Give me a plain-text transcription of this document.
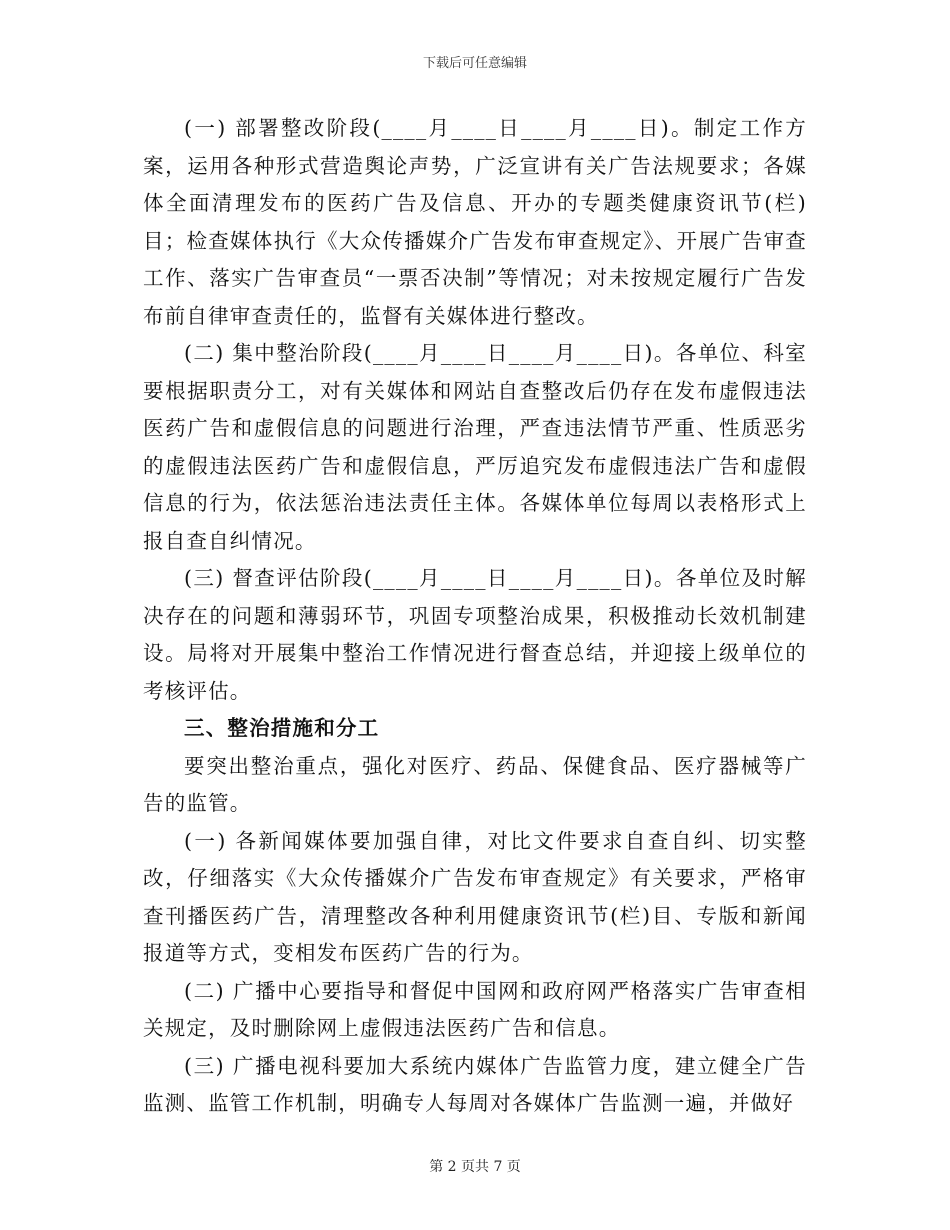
下载后可任意编辑

(一) 部署整改阶段(____月____日____月____日)。制定工作方案，运用各种形式营造舆论声势，广泛宣讲有关广告法规要求；各媒体全面清理发布的医药广告及信息、开办的专题类健康资讯节(栏)目；检查媒体执行《大众传播媒介广告发布审查规定》、开展广告审查工作、落实广告审查员“一票否决制”等情况；对未按规定履行广告发布前自律审查责任的，监督有关媒体进行整改。

(二) 集中整治阶段(____月____日____月____日)。各单位、科室要根据职责分工，对有关媒体和网站自查整改后仍存在发布虚假违法医药广告和虚假信息的问题进行治理，严查违法情节严重、性质恶劣的虚假违法医药广告和虚假信息，严厉追究发布虚假违法广告和虚假信息的行为，依法惩治违法责任主体。各媒体单位每周以表格形式上报自查自纠情况。

(三) 督查评估阶段(____月____日____月____日)。各单位及时解决存在的问题和薄弱环节，巩固专项整治成果，积极推动长效机制建设。局将对开展集中整治工作情况进行督查总结，并迎接上级单位的考核评估。

三、整治措施和分工

要突出整治重点，强化对医疗、药品、保健食品、医疗器械等广告的监管。

(一) 各新闻媒体要加强自律，对比文件要求自查自纠、切实整改，仔细落实《大众传播媒介广告发布审查规定》有关要求，严格审查刊播医药广告，清理整改各种利用健康资讯节(栏)目、专版和新闻报道等方式，变相发布医药广告的行为。

(二) 广播中心要指导和督促中国网和政府网严格落实广告审查相关规定，及时删除网上虚假违法医药广告和信息。

(三) 广播电视科要加大系统内媒体广告监管力度，建立健全广告监测、监管工作机制，明确专人每周对各媒体广告监测一遍，并做好

第 2 页共 7 页
